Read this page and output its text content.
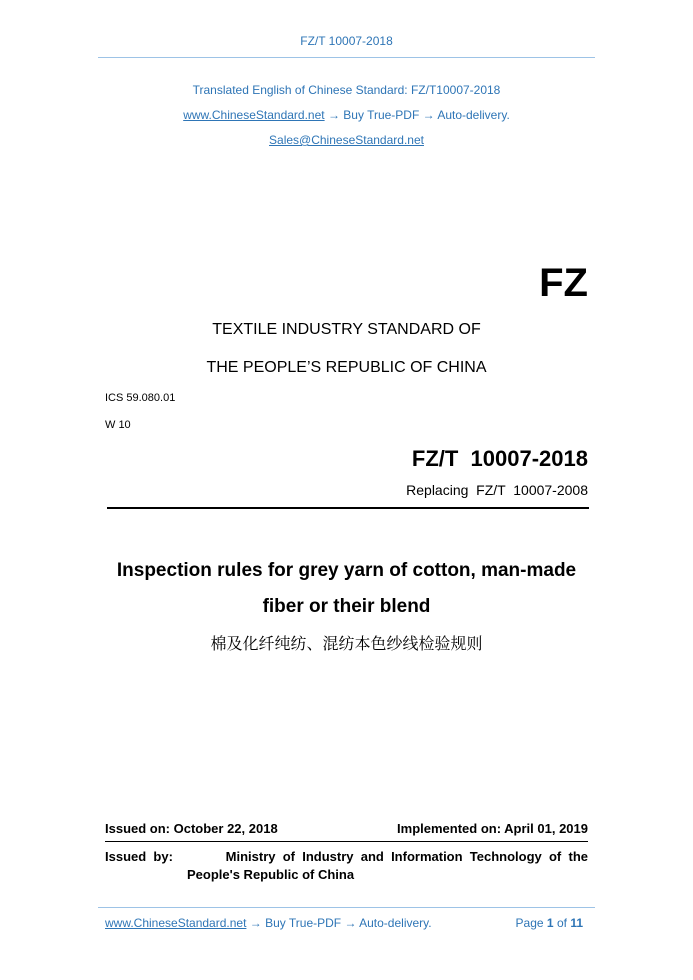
FZ/T 10007-2018
Translated English of Chinese Standard: FZ/T10007-2018
www.ChineseStandard.net → Buy True-PDF → Auto-delivery.
Sales@ChineseStandard.net
FZ
TEXTILE INDUSTRY STANDARD OF
THE PEOPLE’S REPUBLIC OF CHINA
ICS 59.080.01
W 10
FZ/T  10007-2018
Replacing  FZ/T  10007-2008
Inspection rules for grey yarn of cotton, man-made
fiber or their blend
棉及化纤纯纺、混纺本色纱线检验规则
Issued on: October 22, 2018	Implemented on: April 01, 2019
Issued  by:	Ministry  of  Industry  and  Information  Technology  of  the
People's Republic of China
www.ChineseStandard.net → Buy True-PDF → Auto-delivery.	Page 1 of 11
